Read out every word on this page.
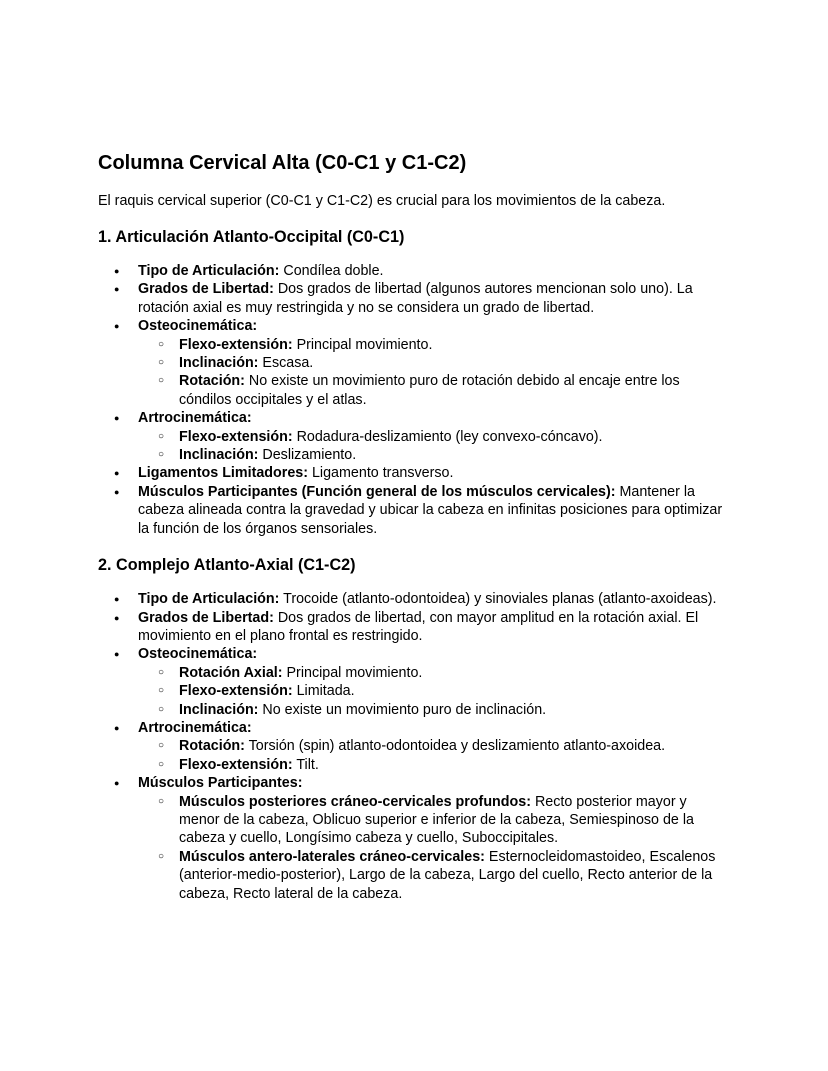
Columna Cervical Alta (C0-C1 y C1-C2)

El raquis cervical superior (C0-C1 y C1-C2) es crucial para los movimientos de la cabeza.

1. Articulación Atlanto-Occipital (C0-C1)
● Tipo de Articulación: Condílea doble.
● Grados de Libertad: Dos grados de libertad (algunos autores mencionan solo uno). La rotación axial es muy restringida y no se considera un grado de libertad.
● Osteocinemática:
○ Flexo-extensión: Principal movimiento.
○ Inclinación: Escasa.
○ Rotación: No existe un movimiento puro de rotación debido al encaje entre los cóndilos occipitales y el atlas.
● Artrocinemática:
○ Flexo-extensión: Rodadura-deslizamiento (ley convexo-cóncavo).
○ Inclinación: Deslizamiento.
● Ligamentos Limitadores: Ligamento transverso.
● Músculos Participantes (Función general de los músculos cervicales): Mantener la cabeza alineada contra la gravedad y ubicar la cabeza en infinitas posiciones para optimizar la función de los órganos sensoriales.
2. Complejo Atlanto-Axial (C1-C2)
● Tipo de Articulación: Trocoide (atlanto-odontoidea) y sinoviales planas (atlanto-axoideas).
● Grados de Libertad: Dos grados de libertad, con mayor amplitud en la rotación axial. El movimiento en el plano frontal es restringido.
● Osteocinemática:
○ Rotación Axial: Principal movimiento.
○ Flexo-extensión: Limitada.
○ Inclinación: No existe un movimiento puro de inclinación.
● Artrocinemática:
○ Rotación: Torsión (spin) atlanto-odontoidea y deslizamiento atlanto-axoidea.
○ Flexo-extensión: Tilt.
● Músculos Participantes:
○ Músculos posteriores cráneo-cervicales profundos: Recto posterior mayor y menor de la cabeza, Oblicuo superior e inferior de la cabeza, Semiespinoso de la cabeza y cuello, Longísimo cabeza y cuello, Suboccipitales.
○ Músculos antero-laterales cráneo-cervicales: Esternocleidomastoideo, Escalenos (anterior-medio-posterior), Largo de la cabeza, Largo del cuello, Recto anterior de la cabeza, Recto lateral de la cabeza.
